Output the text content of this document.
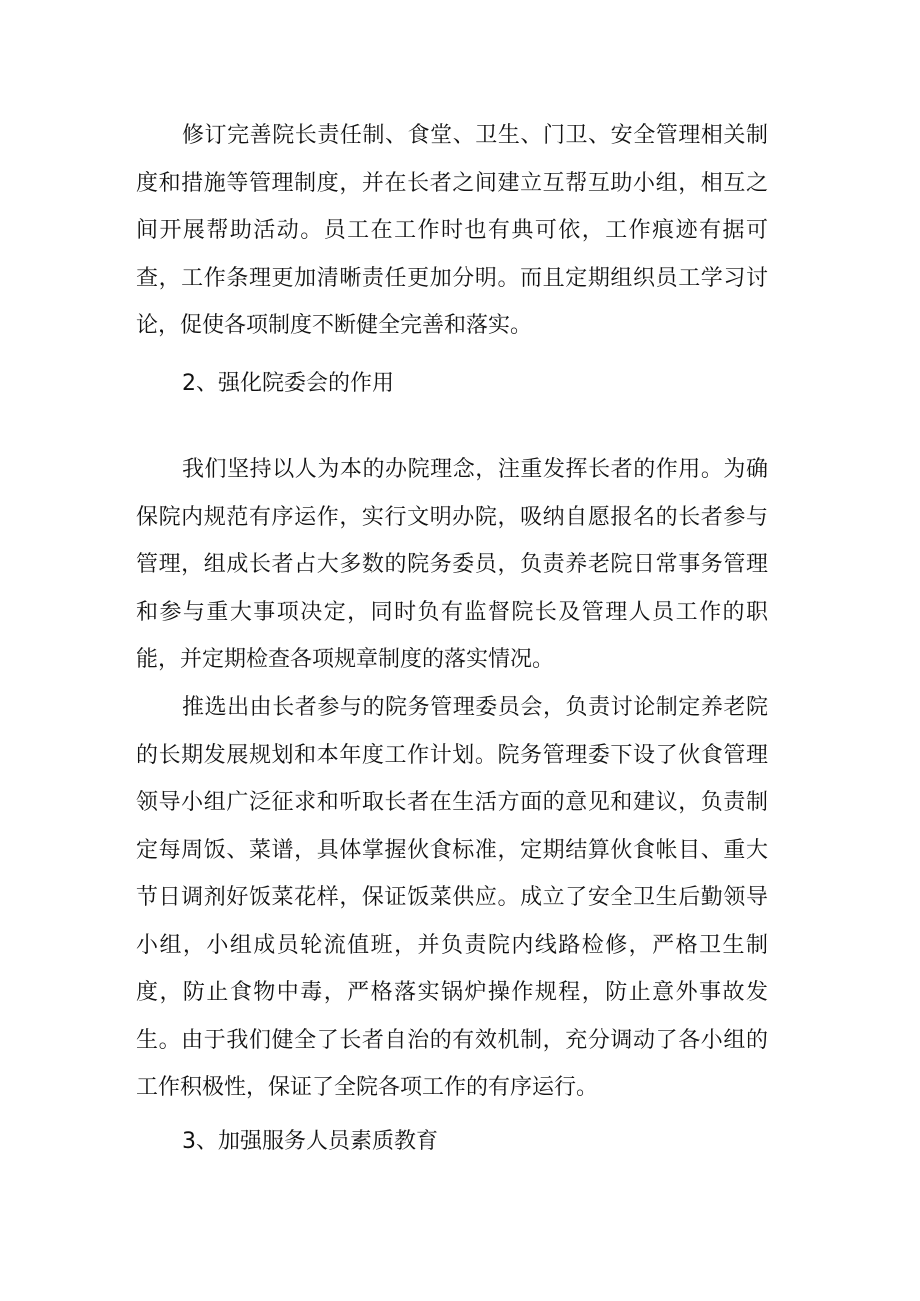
修订完善院长责任制、食堂、卫生、门卫、安全管理相关制度和措施等管理制度，并在长者之间建立互帮互助小组，相互之间开展帮助活动。员工在工作时也有典可依，工作痕迹有据可查，工作条理更加清晰责任更加分明。而且定期组织员工学习讨论，促使各项制度不断健全完善和落实。

2、强化院委会的作用

我们坚持以人为本的办院理念，注重发挥长者的作用。为确保院内规范有序运作，实行文明办院，吸纳自愿报名的长者参与管理，组成长者占大多数的院务委员，负责养老院日常事务管理和参与重大事项决定，同时负有监督院长及管理人员工作的职能，并定期检查各项规章制度的落实情况。

推选出由长者参与的院务管理委员会，负责讨论制定养老院的长期发展规划和本年度工作计划。院务管理委下设了伙食管理领导小组广泛征求和听取长者在生活方面的意见和建议，负责制定每周饭、菜谱，具体掌握伙食标准，定期结算伙食帐目、重大节日调剂好饭菜花样，保证饭菜供应。成立了安全卫生后勤领导小组，小组成员轮流值班，并负责院内线路检修，严格卫生制度，防止食物中毒，严格落实锅炉操作规程，防止意外事故发生。由于我们健全了长者自治的有效机制，充分调动了各小组的工作积极性，保证了全院各项工作的有序运行。

3、加强服务人员素质教育
